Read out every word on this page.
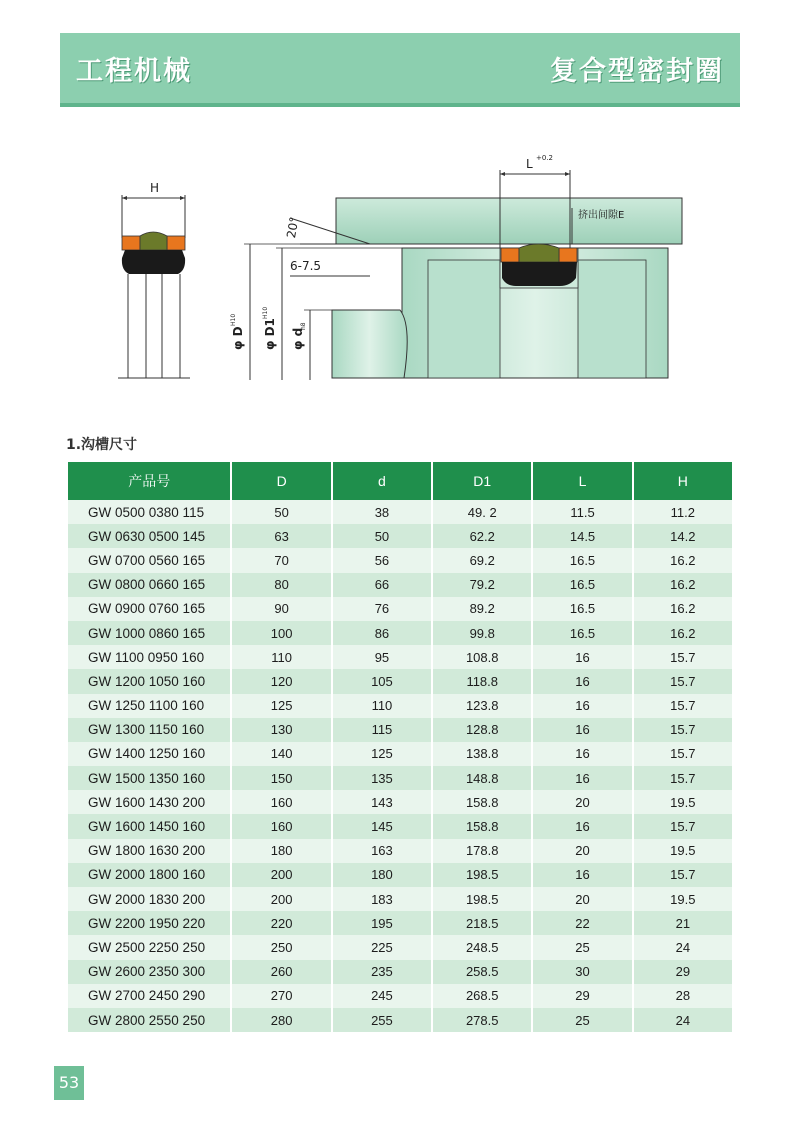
工程机械	复合型密封圈
H
20°
L +0.2
挤出间隙E
6-7.5
φ D
H10 φ D1
H10
φ d
h8
1.沟槽尺寸
产品号	D	d	D1	L	H
GW 0500 0380 115	50	38	49. 2	11.5	11.2
GW 0630 0500 145	63	50	62.2	14.5	14.2
GW 0700 0560 165	70	56	69.2	16.5	16.2
GW 0800 0660 165	80	66	79.2	16.5	16.2
GW 0900 0760 165	90	76	89.2	16.5	16.2
GW 1000 0860 165	100	86	99.8	16.5	16.2
GW 1100 0950 160	110	95	108.8	16	15.7
GW 1200 1050 160	120	105	118.8	16	15.7
GW 1250 1100 160	125	110	123.8	16	15.7
GW 1300 1150 160	130	115	128.8	16	15.7
GW 1400 1250 160	140	125	138.8	16	15.7
GW 1500 1350 160	150	135	148.8	16	15.7
GW 1600 1430 200	160	143	158.8	20	19.5
GW 1600 1450 160	160	145	158.8	16	15.7
GW 1800 1630 200	180	163	178.8	20	19.5
GW 2000 1800 160	200	180	198.5	16	15.7
GW 2000 1830 200	200	183	198.5	20	19.5
GW 2200 1950 220	220	195	218.5	22	21
GW 2500 2250 250	250	225	248.5	25	24
GW 2600 2350 300	260	235	258.5	30	29
GW 2700 2450 290	270	245	268.5	29	28
GW 2800 2550 250	280	255	278.5	25	24
53
